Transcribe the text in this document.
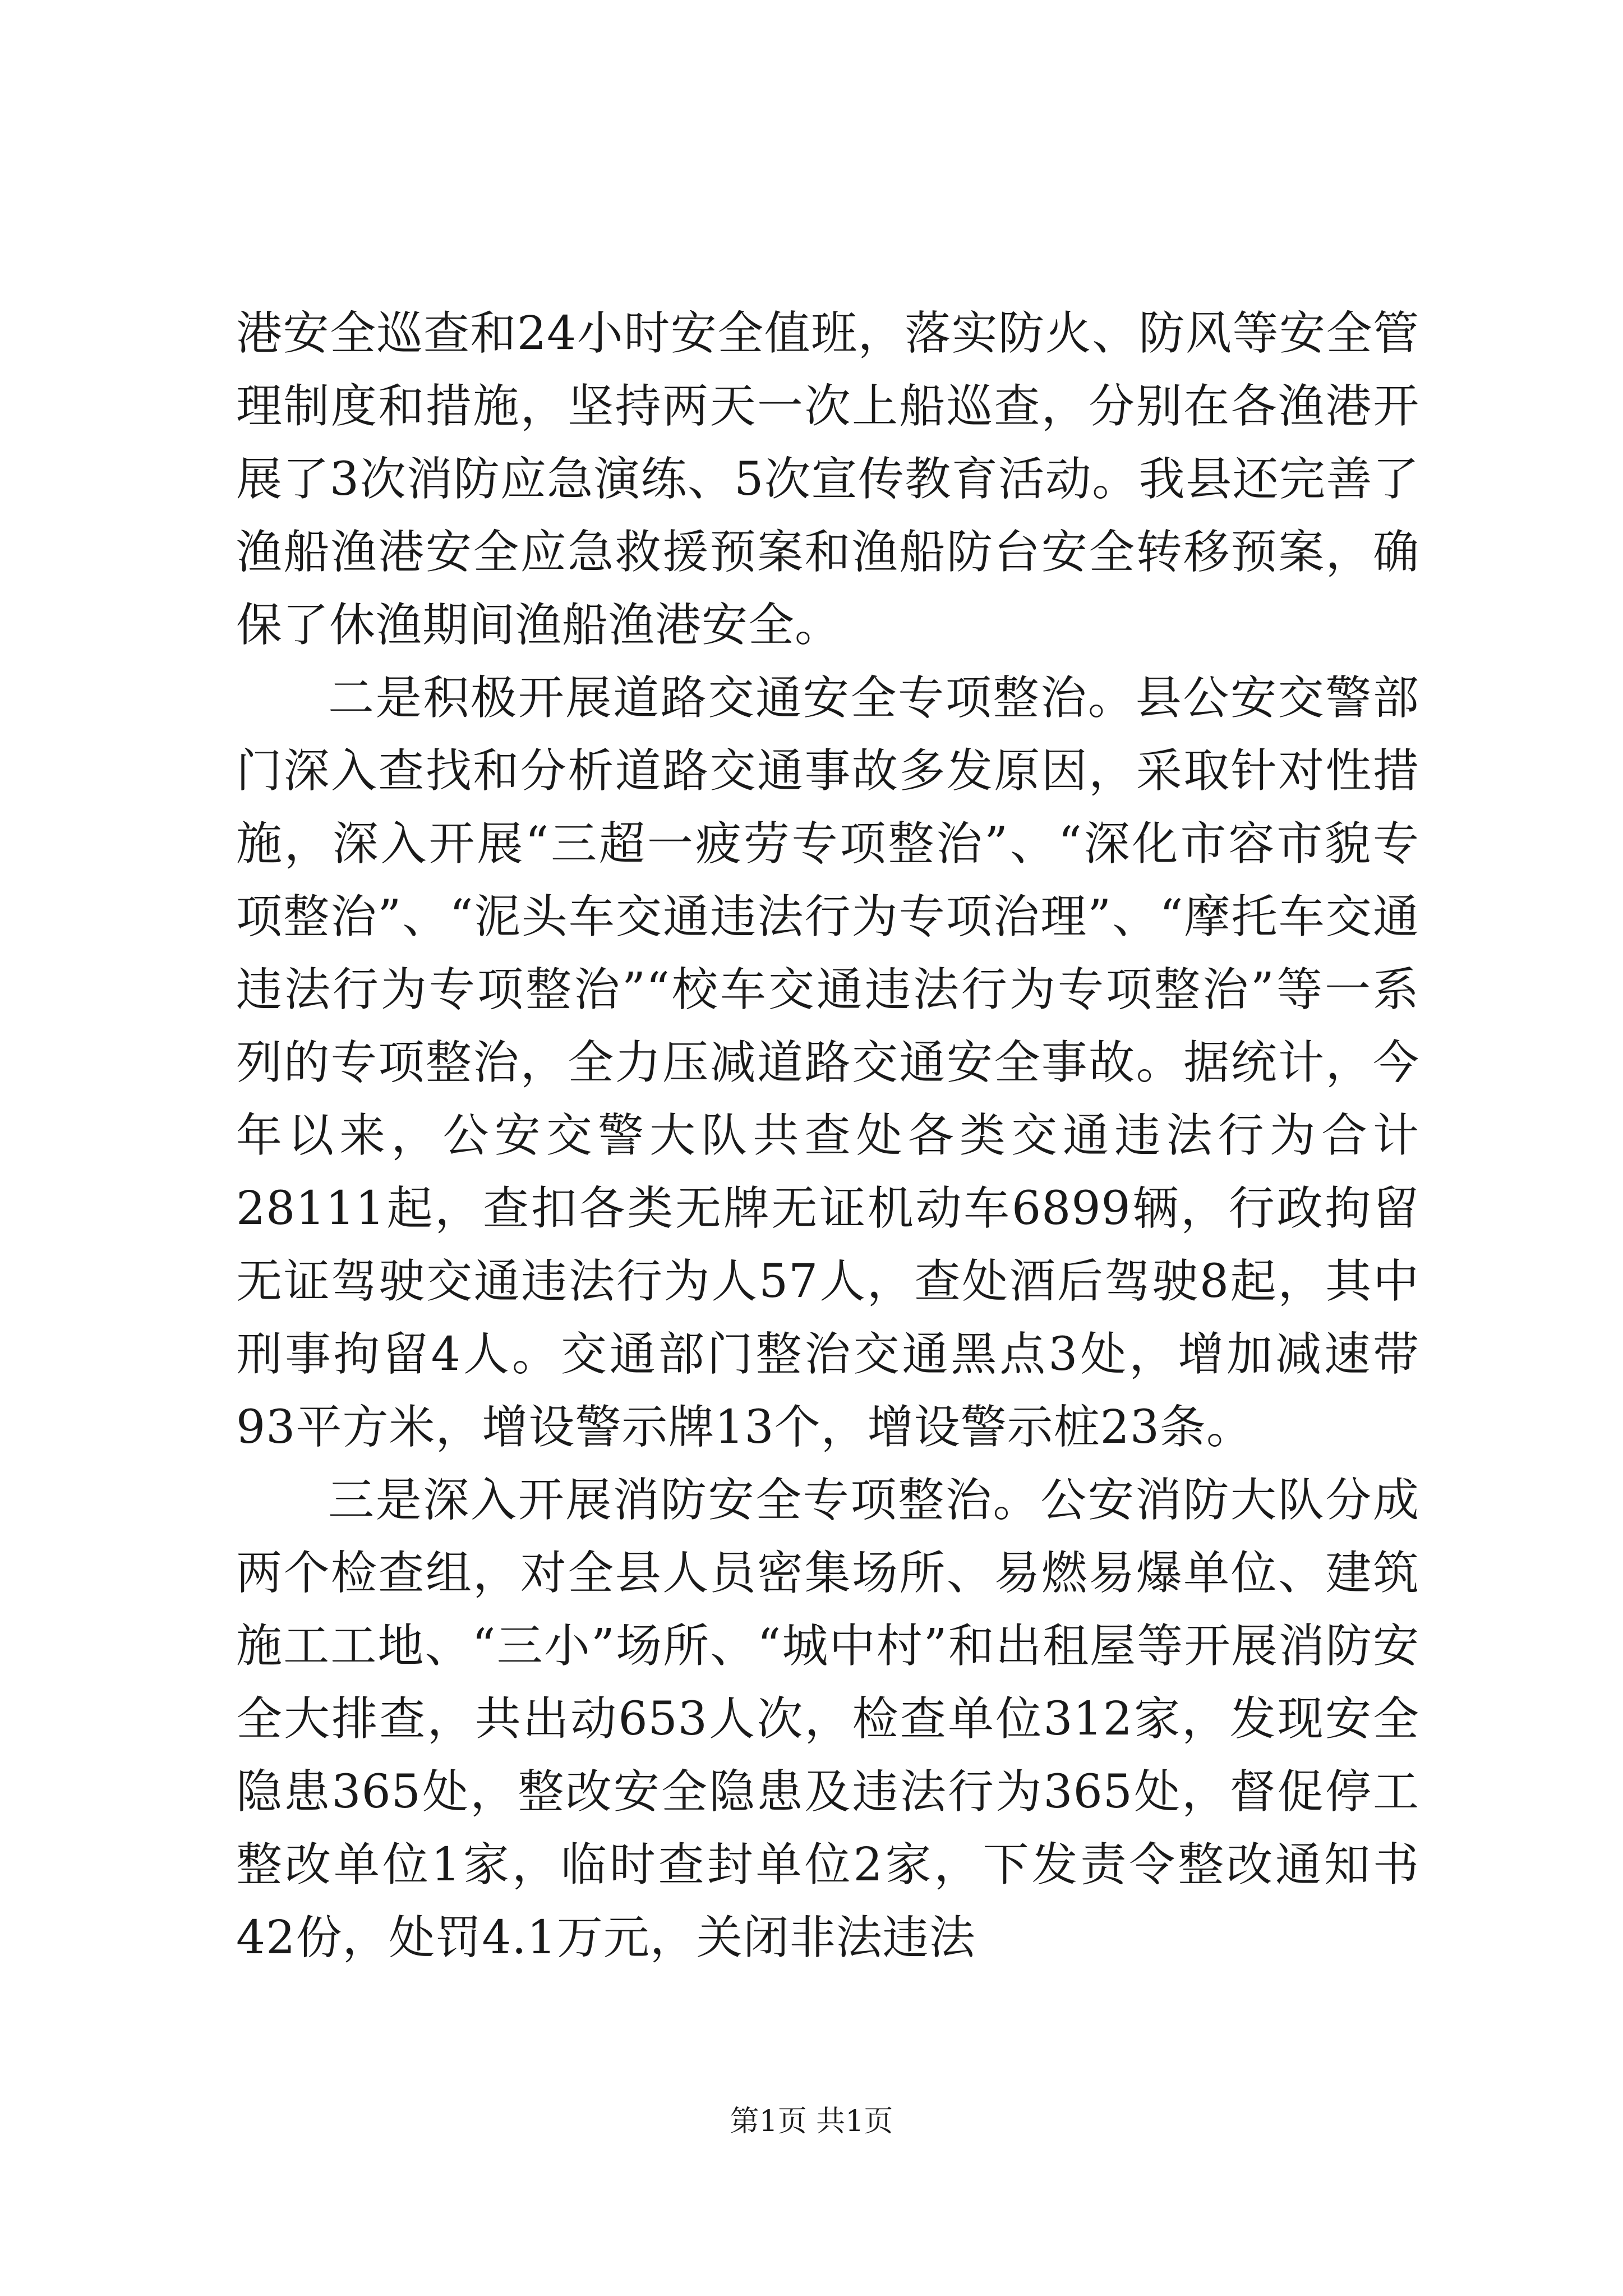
港安全巡查和24小时安全值班，落实防火、防风等安全管理制度和措施，坚持两天一次上船巡查，分别在各渔港开展了3次消防应急演练、5次宣传教育活动。我县还完善了渔船渔港安全应急救援预案和渔船防台安全转移预案，确保了休渔期间渔船渔港安全。

二是积极开展道路交通安全专项整治。县公安交警部门深入查找和分析道路交通事故多发原因，采取针对性措施，深入开展“三超一疲劳专项整治”、“深化市容市貌专项整治”、“泥头车交通违法行为专项治理”、“摩托车交通违法行为专项整治”“校车交通违法行为专项整治”等一系列的专项整治，全力压减道路交通安全事故。据统计，今年以来，公安交警大队共查处各类交通违法行为合计28111起，查扣各类无牌无证机动车6899辆，行政拘留无证驾驶交通违法行为人57人，查处酒后驾驶8起，其中刑事拘留4人。交通部门整治交通黑点3处，增加减速带93平方米，增设警示牌13个，增设警示桩23条。

三是深入开展消防安全专项整治。公安消防大队分成两个检查组，对全县人员密集场所、易燃易爆单位、建筑施工工地、“三小”场所、“城中村”和出租屋等开展消防安全大排查，共出动653人次，检查单位312家，发现安全隐患365处，整改安全隐患及违法行为365处，督促停工整改单位1家，临时查封单位2家，下发责令整改通知书42份，处罚4.1万元，关闭非法违法

第1页 共1页
